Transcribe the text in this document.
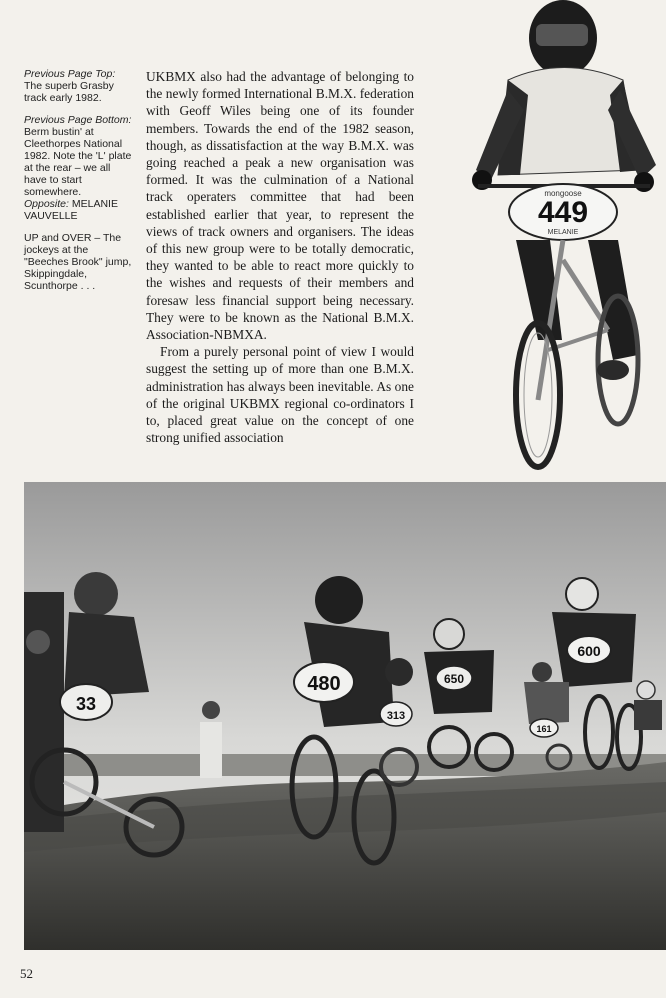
Previous Page Top: The superb Grasby track early 1982.
Previous Page Bottom: Berm bustin' at Cleethorpes National 1982. Note the 'L' plate at the rear – we all have to start somewhere.
Opposite: MELANIE VAUVELLE
UP and OVER – The jockeys at the "Beeches Brook" jump, Skippingdale, Scunthorpe . . .

UKBMX also had the advantage of belonging to the newly formed International B.M.X. federation with Geoff Wiles being one of its founder members. Towards the end of the 1982 season, though, as dissatisfaction at the way B.M.X. was going reached a peak a new organisation was formed. It was the culmination of a National track operaters committee that had been established earlier that year, to represent the views of track owners and organisers. The ideas of this new group were to be totally democratic, they wanted to be able to react more quickly to the wishes and requests of their members and foresaw less financial support being necessary. They were to be known as the National B.M.X. Association-NBMXA.

From a purely personal point of view I would suggest the setting up of more than one B.M.X. administration has always been inevitable. As one of the original UKBMX regional co-ordinators I to, placed great value on the concept of one strong unified association

mongoose
449
MELANIE
33
480
313
650
600
161
52
